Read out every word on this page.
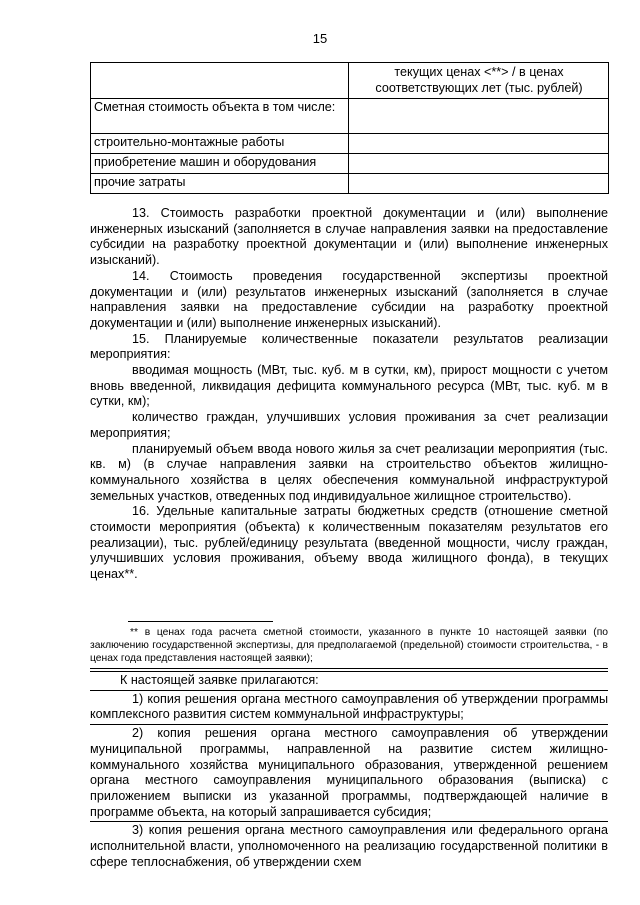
15
	текущих ценах <**> / в ценах соответствующих лет (тыс. рублей)
Сметная стоимость объекта в том числе:	
строительно-монтажные работы	
приобретение машин и оборудования	
прочие затраты	

13. Стоимость разработки проектной документации и (или) выполнение инженерных изысканий (заполняется в случае направления заявки на предоставление субсидии на разработку проектной документации и (или) выполнение инженерных изысканий).

14. Стоимость проведения государственной экспертизы проектной документации и (или) результатов инженерных изысканий (заполняется в случае направления заявки на предоставление субсидии на разработку проектной документации и (или) выполнение инженерных изысканий).

15. Планируемые количественные показатели результатов реализации мероприятия:

вводимая мощность (МВт, тыс. куб. м в сутки, км), прирост мощности с учетом вновь введенной, ликвидация дефицита коммунального ресурса (МВт, тыс. куб. м в сутки, км);

количество граждан, улучшивших условия проживания за счет реализации мероприятия;

планируемый объем ввода нового жилья за счет реализации мероприятия (тыс. кв. м) (в случае направления заявки на строительство объектов жилищно-коммунального хозяйства в целях обеспечения коммунальной инфраструктурой земельных участков, отведенных под индивидуальное жилищное строительство).

16. Удельные капитальные затраты бюджетных средств (отношение сметной стоимости мероприятия (объекта) к количественным показателям результатов его реализации), тыс. рублей/единицу результата (введенной мощности, числу граждан, улучшивших условия проживания, объему ввода жилищного фонда), в текущих ценах**.

** в ценах года расчета сметной стоимости, указанного в пункте 10 настоящей заявки (по заключению государственной экспертизы, для предполагаемой (предельной) стоимости строительства, - в ценах года представления настоящей заявки);

К настоящей заявке прилагаются:

1) копия решения органа местного самоуправления об утверждении программы комплексного развития систем коммунальной инфраструктуры;

2) копия решения органа местного самоуправления об утверждении муниципальной программы, направленной на развитие систем жилищно-коммунального хозяйства муниципального образования, утвержденной решением органа местного самоуправления муниципального образования (выписка) с приложением выписки из указанной программы, подтверждающей наличие в программе объекта, на который запрашивается субсидия;

3) копия решения органа местного самоуправления или федерального органа исполнительной власти, уполномоченного на реализацию государственной политики в сфере теплоснабжения, об утверждении схем
